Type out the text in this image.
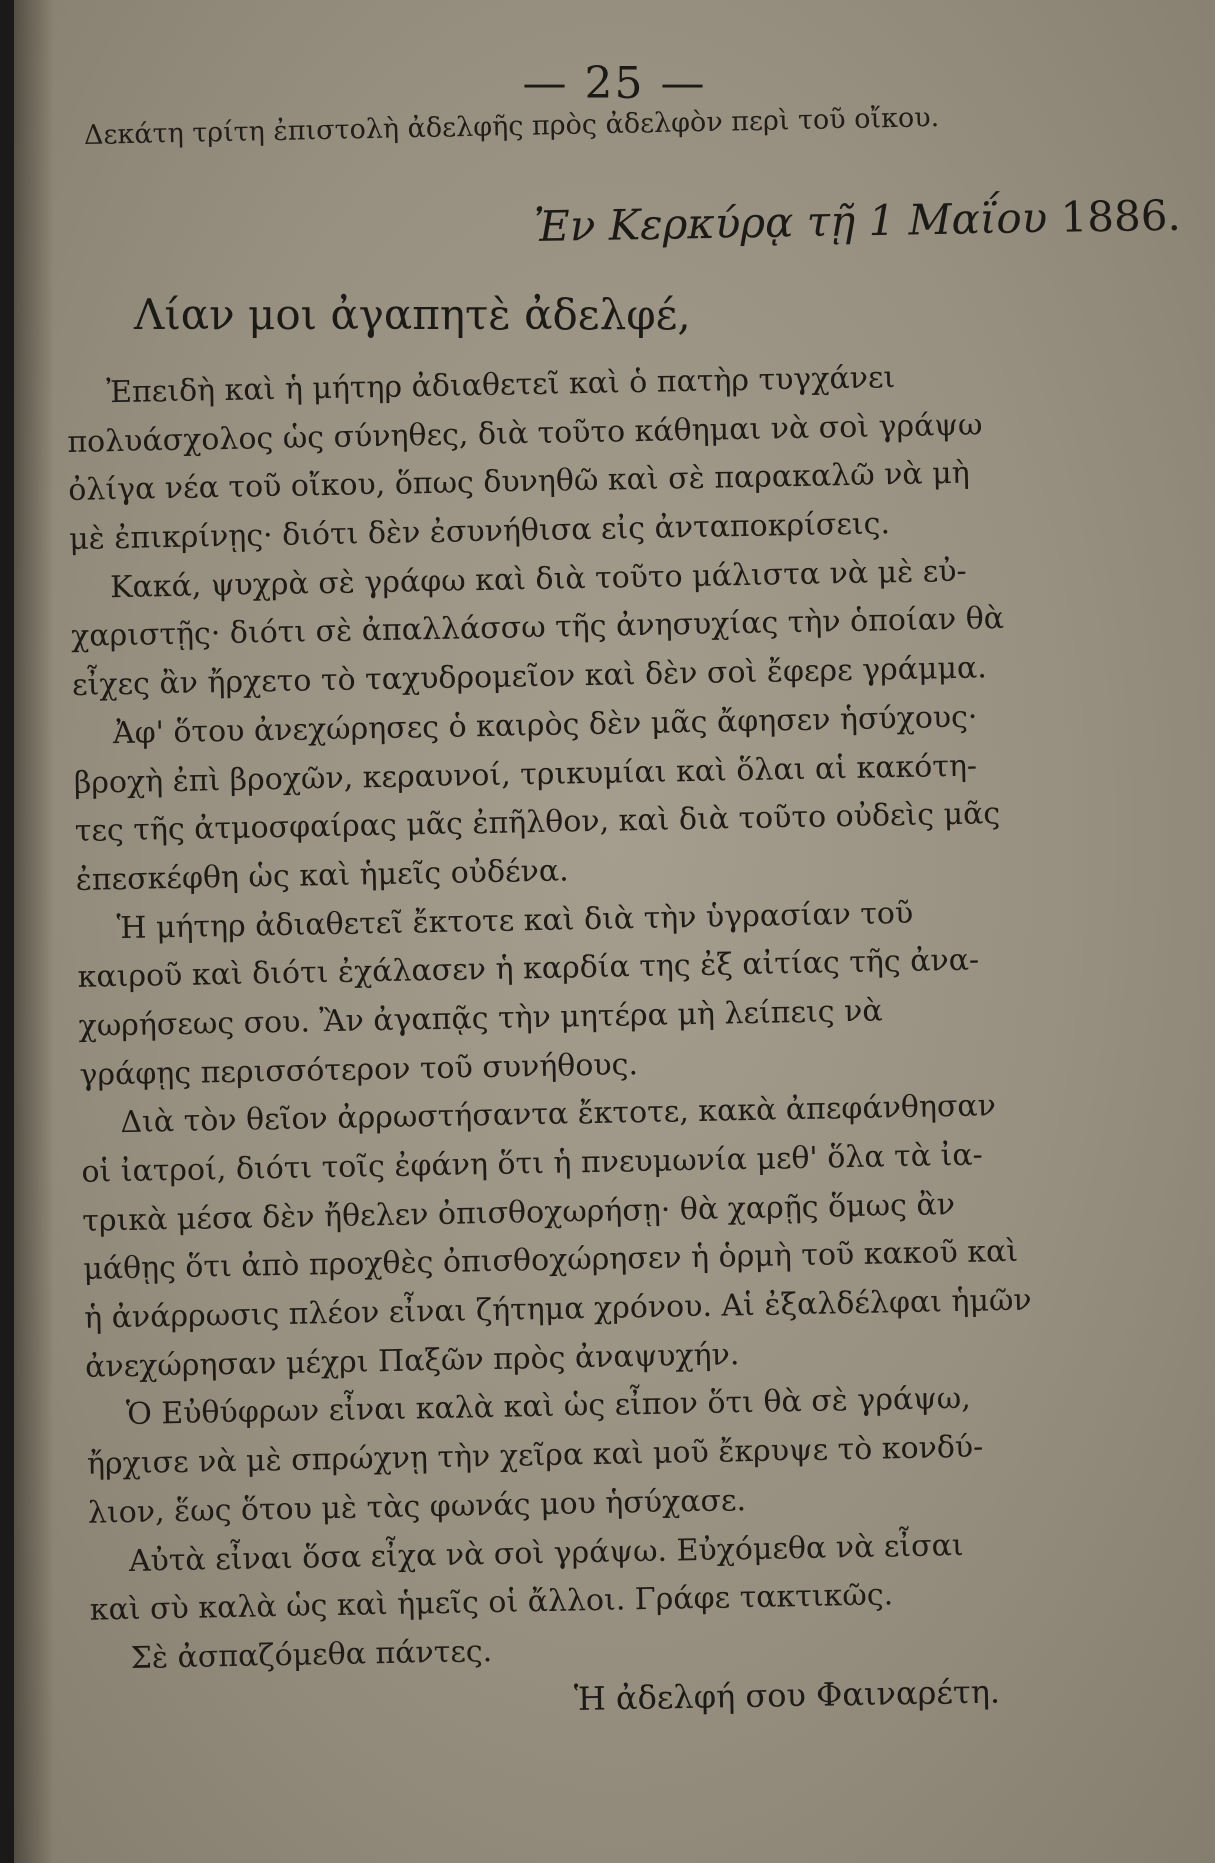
— 25 —
Δεκάτη τρίτη ἐπιστολὴ ἀδελφῆς πρὸς ἀδελφὸν περὶ τοῦ οἴκου.
Ἐν Κερκύρᾳ τῇ 1 Μαΐου 1886.
Λίαν μοι ἀγαπητὲ ἀδελφέ,
Ἐπειδὴ καὶ ἡ μήτηρ ἀδιαθετεῖ καὶ ὁ πατὴρ τυγχάνει
πολυάσχολος ὡς σύνηθες, διὰ τοῦτο κάθημαι νὰ σοὶ γράψω
ὀλίγα νέα τοῦ οἴκου, ὅπως δυνηθῶ καὶ σὲ παρακαλῶ νὰ μὴ
μὲ ἐπικρίνῃς· διότι δὲν ἐσυνήθισα εἰς ἀνταποκρίσεις.
Κακά, ψυχρὰ σὲ γράφω καὶ διὰ τοῦτο μάλιστα νὰ μὲ εὐ-
χαριστῇς· διότι σὲ ἀπαλλάσσω τῆς ἀνησυχίας τὴν ὁποίαν θὰ
εἶχες ἂν ἤρχετο τὸ ταχυδρομεῖον καὶ δὲν σοὶ ἔφερε γράμμα.
Ἀφ' ὅτου ἀνεχώρησες ὁ καιρὸς δὲν μᾶς ἄφησεν ἡσύχους·
βροχὴ ἐπὶ βροχῶν, κεραυνοί, τρικυμίαι καὶ ὅλαι αἱ κακότη-
τες τῆς ἀτμοσφαίρας μᾶς ἐπῆλθον, καὶ διὰ τοῦτο οὐδεὶς μᾶς
ἐπεσκέφθη ὡς καὶ ἡμεῖς οὐδένα.
Ἡ μήτηρ ἀδιαθετεῖ ἔκτοτε καὶ διὰ τὴν ὑγρασίαν τοῦ
καιροῦ καὶ διότι ἐχάλασεν ἡ καρδία της ἐξ αἰτίας τῆς ἀνα-
χωρήσεως σου. Ἂν ἀγαπᾷς τὴν μητέρα μὴ λείπεις νὰ
γράφῃς περισσότερον τοῦ συνήθους.
Διὰ τὸν θεῖον ἀρρωστήσαντα ἔκτοτε, κακὰ ἀπεφάνθησαν
οἱ ἰατροί, διότι τοῖς ἐφάνη ὅτι ἡ πνευμωνία μεθ' ὅλα τὰ ἰα-
τρικὰ μέσα δὲν ἤθελεν ὀπισθοχωρήσῃ· θὰ χαρῇς ὅμως ἂν
μάθῃς ὅτι ἀπὸ προχθὲς ὀπισθοχώρησεν ἡ ὁρμὴ τοῦ κακοῦ καὶ
ἡ ἀνάρρωσις πλέον εἶναι ζήτημα χρόνου. Αἱ ἐξαλδέλφαι ἡμῶν
ἀνεχώρησαν μέχρι Παξῶν πρὸς ἀναψυχήν.
Ὁ Εὐθύφρων εἶναι καλὰ καὶ ὡς εἶπον ὅτι θὰ σὲ γράψω,
ἤρχισε νὰ μὲ σπρώχνῃ τὴν χεῖρα καὶ μοῦ ἔκρυψε τὸ κονδύ-
λιον, ἕως ὅτου μὲ τὰς φωνάς μου ἡσύχασε.
Αὐτὰ εἶναι ὅσα εἶχα νὰ σοὶ γράψω. Εὐχόμεθα νὰ εἶσαι
καὶ σὺ καλὰ ὡς καὶ ἡμεῖς οἱ ἄλλοι. Γράφε τακτικῶς.
Σὲ ἀσπαζόμεθα πάντες.
Ἡ ἀδελφή σου Φαιναρέτη.
